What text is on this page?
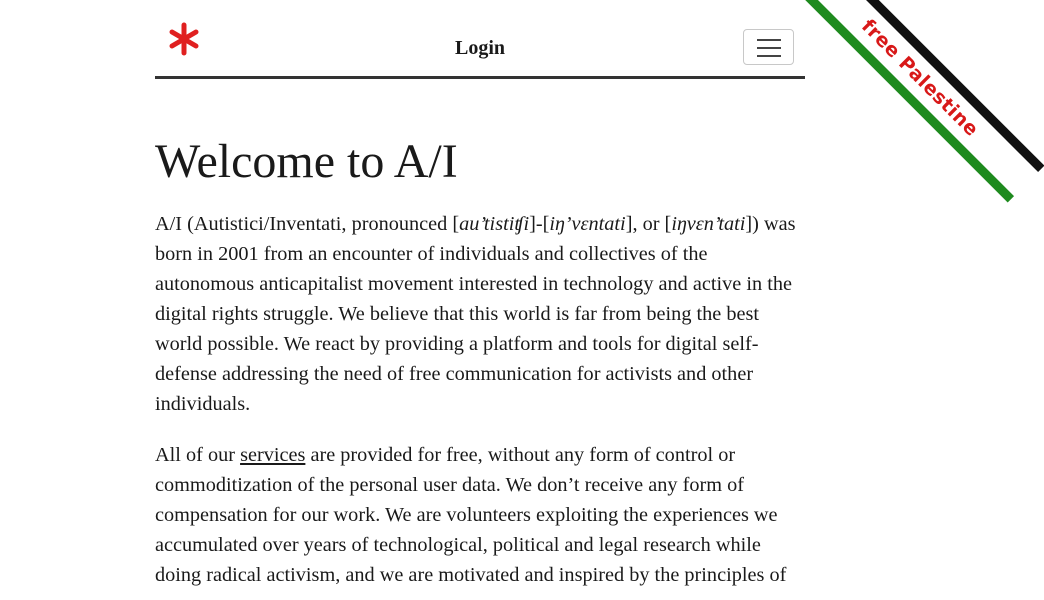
Login
Welcome to A/I

A/I (Autistici/Inventati, pronounced [au’tistiʧi]-[iŋ’vɛntati], or [iŋvɛn’tati]) was born in 2001 from an encounter of individuals and collectives of the autonomous anticapitalist movement interested in technology and active in the digital rights struggle. We believe that this world is far from being the best world possible. We react by providing a platform and tools for digital self-defense addressing the need of free communication for activists and other individuals.

All of our services are provided for free, without any form of control or commoditization of the personal user data. We don’t receive any form of compensation for our work. We are volunteers exploiting the experiences we accumulated over years of technological, political and legal research while doing radical activism, and we are motivated and inspired by the principles of

free Palestine
